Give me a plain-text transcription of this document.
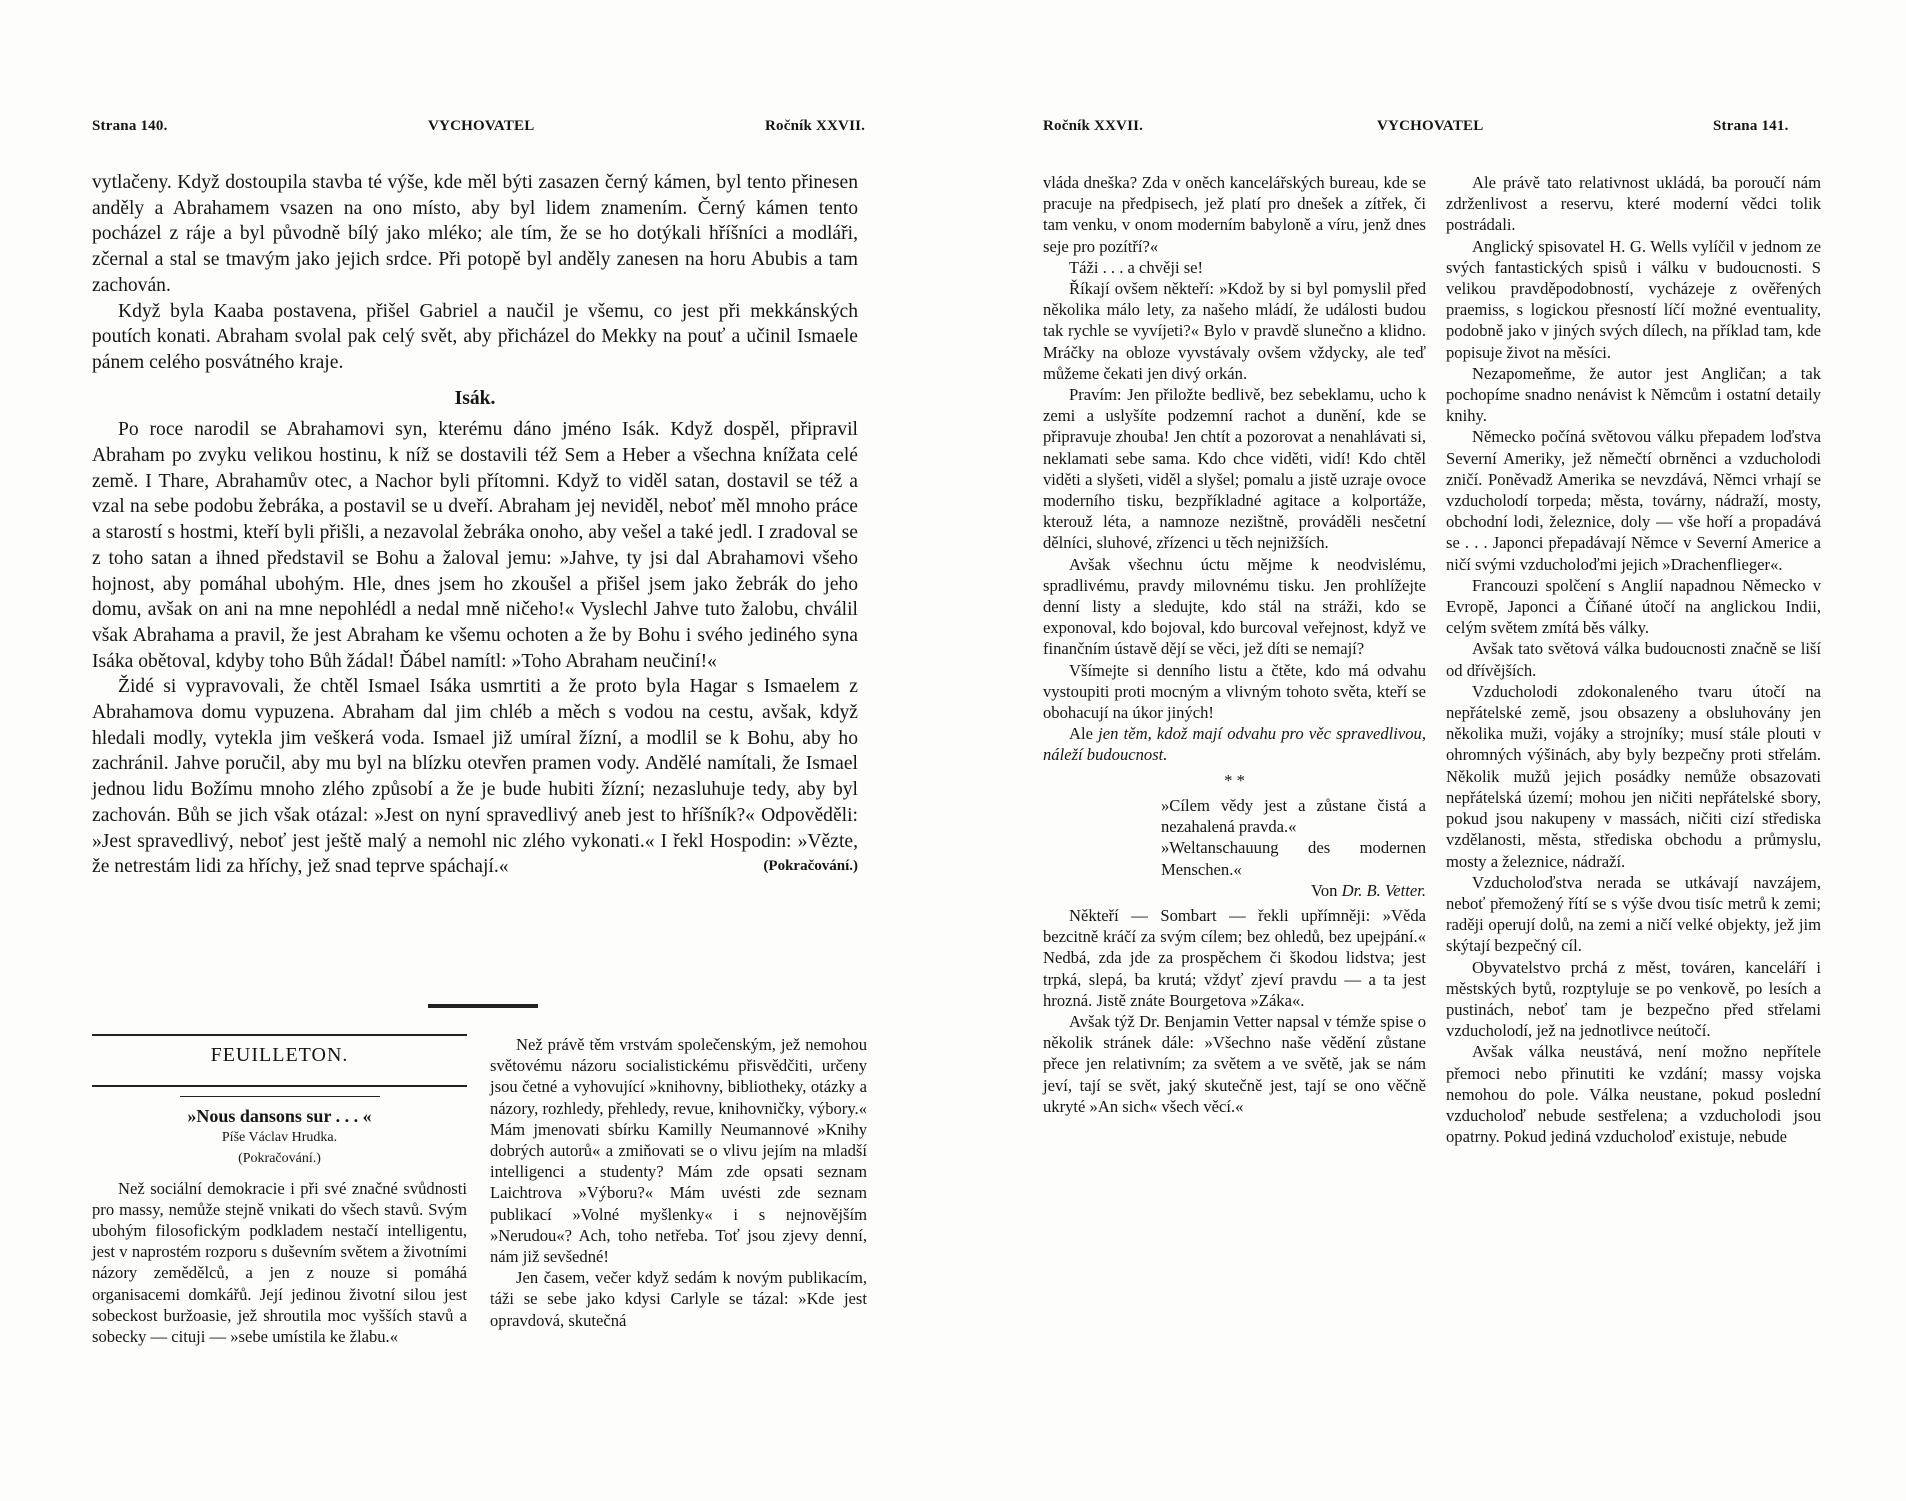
Strana 140.	VYCHOVATEL	Ročník XXVII.

vytlačeny. Když dostoupila stavba té výše, kde měl býti zasazen černý kámen, byl tento přinesen anděly a Abrahamem vsazen na ono místo, aby byl lidem znamením. Černý kámen tento pocházel z ráje a byl původně bílý jako mléko; ale tím, že se ho dotýkali hříšníci a modláři, zčernal a stal se tmavým jako jejich srdce. Při potopě byl anděly zanesen na horu Abubis a tam zachován.

Když byla Kaaba postavena, přišel Gabriel a naučil je všemu, co jest při mekkánských poutích konati. Abraham svolal pak celý svět, aby přicházel do Mekky na pouť a učinil Ismaele pánem celého posvátného kraje.

Isák.

Po roce narodil se Abrahamovi syn, kterému dáno jméno Isák. Když dospěl, připravil Abraham po zvyku velikou hostinu, k níž se dostavili též Sem a Heber a všechna knížata celé země. I Thare, Abrahamův otec, a Nachor byli přítomni. Když to viděl satan, dostavil se též a vzal na sebe podobu žebráka, a postavil se u dveří. Abraham jej neviděl, neboť měl mnoho práce a starostí s hostmi, kteří byli přišli, a nezavolal žebráka onoho, aby vešel a také jedl. I zradoval se z toho satan a ihned představil se Bohu a žaloval jemu: »Jahve, ty jsi dal Abrahamovi všeho hojnost, aby pomáhal ubohým. Hle, dnes jsem ho zkoušel a přišel jsem jako žebrák do jeho domu, avšak on ani na mne nepohlédl a nedal mně ničeho!« Vyslechl Jahve tuto žalobu, chválil však Abrahama a pravil, že jest Abraham ke všemu ochoten a že by Bohu i svého jediného syna Isáka obětoval, kdyby toho Bůh žádal! Ďábel namítl: »Toho Abraham neučiní!«

Židé si vypravovali, že chtěl Ismael Isáka usmrtiti a že proto byla Hagar s Ismaelem z Abrahamova domu vypuzena. Abraham dal jim chléb a měch s vodou na cestu, avšak, když hledali modly, vytekla jim veškerá voda. Ismael již umíral žízní, a modlil se k Bohu, aby ho zachránil. Jahve poručil, aby mu byl na blízku otevřen pramen vody. Andělé namítali, že Ismael jednou lidu Božímu mnoho zlého způsobí a že je bude hubiti žízní; nezasluhuje tedy, aby byl zachován. Bůh se jich však otázal: »Jest on nyní spravedlivý aneb jest to hříšník?« Odpověděli: »Jest spravedlivý, neboť jest ještě malý a nemohl nic zlého vykonati.« I řekl Hospodin: »Vězte, že netrestám lidi za hříchy, jež snad teprve spáchají.«	(Pokračování.)

FEUILLETON.

»Nous dansons sur . . . «

Píše Václav Hrudka.

(Pokračování.)

Než sociální demokracie i při své značné svůdnosti pro massy, nemůže stejně vnikati do všech stavů. Svým ubohým filosofickým podkladem nestačí intelligentu, jest v naprostém rozporu s duševním světem a životními názory zemědělců, a jen z nouze si pomáhá organisacemi domkářů. Její jedinou životní silou jest sobeckost buržoasie, jež shroutila moc vyšších stavů a sobecky — cituji — »sebe umístila ke žlabu.«

Než právě těm vrstvám společenským, jež nemohou světovému názoru socialistickému přisvědčiti, určeny jsou četné a vyhovující »knihovny, bibliotheky, otázky a názory, rozhledy, přehledy, revue, knihovničky, výbory.« Mám jmenovati sbírku Kamilly Neumannové »Knihy dobrých autorů« a zmiňovati se o vlivu jejím na mladší intelligenci a studenty? Mám zde opsati seznam Laichtrova »Výboru?« Mám uvésti zde seznam publikací »Volné myšlenky« i s nejnovějším »Nerudou«? Ach, toho netřeba. Toť jsou zjevy denní, nám již sevšedné!

Jen časem, večer když sedám k novým publikacím, táži se sebe jako kdysi Carlyle se tázal: »Kde jest opravdová, skutečná

Ročník XXVII.	VYCHOVATEL	Strana 141.

vláda dneška? Zda v oněch kancelářských bureau, kde se pracuje na předpisech, jež platí pro dnešek a zítřek, či tam venku, v onom moderním babyloně a víru, jenž dnes seje pro pozítří?«

Táži . . . a chvěji se!

Říkají ovšem někteří: »Kdož by si byl pomyslil před několika málo lety, za našeho mládí, že události budou tak rychle se vyvíjeti?« Bylo v pravdě slunečno a klidno. Mráčky na obloze vyvstávaly ovšem vždycky, ale teď můžeme čekati jen divý orkán.

Pravím: Jen přiložte bedlivě, bez sebeklamu, ucho k zemi a uslyšíte podzemní rachot a dunění, kde se připravuje zhouba! Jen chtít a pozorovat a nenahlávati si, neklamati sebe sama. Kdo chce viděti, vidí! Kdo chtěl viděti a slyšeti, viděl a slyšel; pomalu a jistě uzraje ovoce moderního tisku, bezpříkladné agitace a kolportáže, kterouž léta, a namnoze nezištně, prováděli nesčetní dělníci, sluhové, zřízenci u těch nejnižších.

Avšak všechnu úctu mějme k neodvislému, spradlivému, pravdy milovnému tisku. Jen prohlížejte denní listy a sledujte, kdo stál na stráži, kdo se exponoval, kdo bojoval, kdo burcoval veřejnost, když ve finančním ústavě dějí se věci, jež díti se nemají?

Všímejte si denního listu a čtěte, kdo má odvahu vystoupiti proti mocným a vlivným tohoto světa, kteří se obohacují na úkor jiných!

Ale jen těm, kdož mají odvahu pro věc spravedlivou, náleží budoucnost.

* *

»Cílem vědy jest a zůstane čistá a nezahalená pravda.«

»Weltanschauung des modernen Menschen.«

Von Dr. B. Vetter.

Někteří — Sombart — řekli upřímněji: »Věda bezcitně kráčí za svým cílem; bez ohledů, bez upejpání.« Nedbá, zda jde za prospěchem či škodou lidstva; jest trpká, slepá, ba krutá; vždyť zjeví pravdu — a ta jest hrozná. Jistě znáte Bourgetova »Záka«.

Avšak týž Dr. Benjamin Vetter napsal v témže spise o několik stránek dále: »Všechno naše vědění zůstane přece jen relativním; za světem a ve světě, jak se nám jeví, tají se svět, jaký skutečně jest, tají se ono věčně ukryté »An sich« všech věcí.«

Ale právě tato relativnost ukládá, ba poroučí nám zdrženlivost a reservu, které moderní vědci tolik postrádali.

Anglický spisovatel H. G. Wells vylíčil v jednom ze svých fantastických spisů i válku v budoucnosti. S velikou pravděpodobností, vycházeje z ověřených praemiss, s logickou přesností líčí možné eventuality, podobně jako v jiných svých dílech, na příklad tam, kde popisuje život na měsíci.

Nezapomeňme, že autor jest Angličan; a tak pochopíme snadno nenávist k Němcům i ostatní detaily knihy.

Německo počíná světovou válku přepadem loďstva Severní Ameriky, jež němečtí obrněnci a vzducholodi zničí. Poněvadž Amerika se nevzdává, Němci vrhají se vzducholodí torpeda; města, továrny, nádraží, mosty, obchodní lodi, železnice, doly — vše hoří a propadává se . . . Japonci přepadávají Němce v Severní Americe a ničí svými vzducholoďmi jejich »Drachenflieger«.

Francouzi spolčení s Anglií napadnou Německo v Evropě, Japonci a Číňané útočí na anglickou Indii, celým světem zmítá běs války.

Avšak tato světová válka budoucnosti značně se liší od dřívějších.

Vzducholodi zdokonaleného tvaru útočí na nepřátelské země, jsou obsazeny a obsluhovány jen několika muži, vojáky a strojníky; musí stále plouti v ohromných výšinách, aby byly bezpečny proti střelám. Několik mužů jejich posádky nemůže obsazovati nepřátelská území; mohou jen ničiti nepřátelské sbory, pokud jsou nakupeny v massách, ničiti cizí střediska vzdělanosti, města, střediska obchodu a průmyslu, mosty a železnice, nádraží.

Vzducholoďstva nerada se utkávají navzájem, neboť přemožený řítí se s výše dvou tisíc metrů k zemi; raději operují dolů, na zemi a ničí velké objekty, jež jim skýtají bezpečný cíl.

Obyvatelstvo prchá z měst, továren, kanceláří i městských bytů, rozptyluje se po venkově, po lesích a pustinách, neboť tam je bezpečno před střelami vzducholodí, jež na jednotlivce neútočí.

Avšak válka neustává, není možno nepřítele přemoci nebo přinutiti ke vzdání; massy vojska nemohou do pole. Válka neustane, pokud poslední vzducholoď nebude sestřelena; a vzducholodi jsou opatrny. Pokud jediná vzducholoď existuje, nebude
